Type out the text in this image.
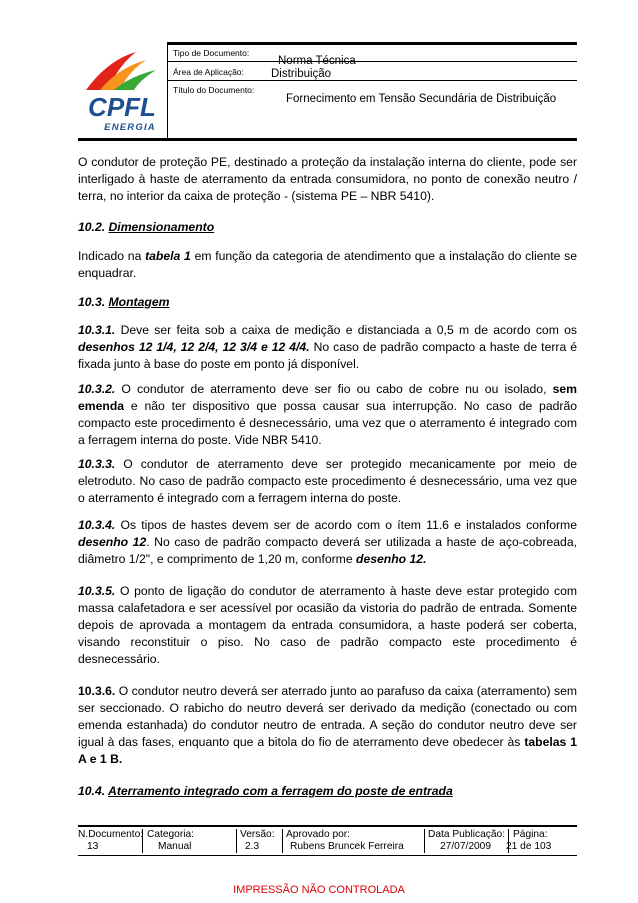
CPFL
ENERGIA
Tipo de Documento:
Norma Técnica
Área de Aplicação: Distribuição
Título do Documento:
Fornecimento em Tensão Secundária de Distribuição
O condutor de proteção PE, destinado a proteção da instalação interna do cliente, pode ser interligado à haste de aterramento da entrada consumidora, no ponto de conexão neutro / terra, no interior da caixa de proteção - (sistema PE – NBR 5410).
10.2. Dimensionamento
Indicado na tabela 1 em função da categoria de atendimento que a instalação do cliente se enquadrar.
10.3. Montagem
10.3.1. Deve ser feita sob a caixa de medição e distanciada a 0,5 m de acordo com os desenhos 12 1/4, 12 2/4, 12 3/4 e 12 4/4. No caso de padrão compacto a haste de terra é fixada junto à base do poste em ponto já disponível.
10.3.2. O condutor de aterramento deve ser fio ou cabo de cobre nu ou isolado, sem emenda e não ter dispositivo que possa causar sua interrupção. No caso de padrão compacto este procedimento é desnecessário, uma vez que o aterramento é integrado com a ferragem interna do poste. Vide NBR 5410.
10.3.3. O condutor de aterramento deve ser protegido mecanicamente por meio de eletroduto. No caso de padrão compacto este procedimento é desnecessário, uma vez que o aterramento é integrado com a ferragem interna do poste.
10.3.4. Os tipos de hastes devem ser de acordo com o ítem 11.6 e instalados conforme desenho 12. No caso de padrão compacto deverá ser utilizada a haste de aço-cobreada, diâmetro 1/2", e comprimento de 1,20 m, conforme desenho 12.
10.3.5. O ponto de ligação do condutor de aterramento à haste deve estar protegido com massa calafetadora e ser acessível por ocasião da vistoria do padrão de entrada. Somente depois de aprovada a montagem da entrada consumidora, a haste poderá ser coberta, visando reconstituir o piso. No caso de padrão compacto este procedimento é desnecessário.
10.3.6. O condutor neutro deverá ser aterrado junto ao parafuso da caixa (aterramento) sem ser seccionado. O rabicho do neutro deverá ser derivado da medição (conectado ou com emenda estanhada) do condutor neutro de entrada. A seção do condutor neutro deve ser igual à das fases, enquanto que a bitola do fio de aterramento deve obedecer às tabelas 1 A e 1 B.
10.4. Aterramento integrado com a ferragem do poste de entrada
N.Documento:
13
Categoria:
Manual
Versão:
2.3
Aprovado por:
Rubens Bruncek Ferreira
Data Publicação:
27/07/2009
Página:
21 de 103
IMPRESSÃO NÃO CONTROLADA
